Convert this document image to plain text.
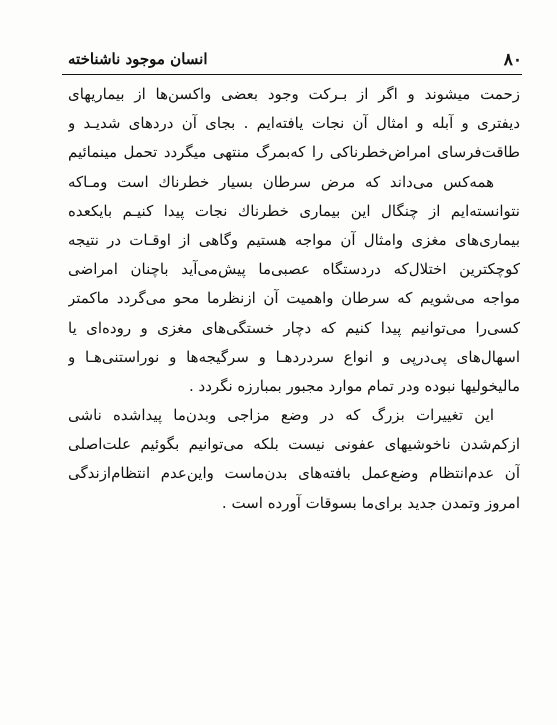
۸۰
انسان موجود ناشناخته
زحمت میشوند و اگر از بـرکت وجود بعضی واکسن‌ها از بیماریهای
دیفتری و آبله و امثال آن نجات یافته‌ایم . بجای آن دردهای شدیـد و
طاقت‌فرسای امراض‌خطرناکی را که‌بمرگ منتهی میگردد تحمل مینمائیم
همه‌کس می‌داند که مرض سرطان بسیار خطرناك است ومـا‌که
نتوانسته‌ایم از چنگال این بیماری خطرناك نجات پیدا کنیـم بایکعده
بیماری‌های مغزی وامثال آن مواجه هستیم وگاهی از اوقـات در نتیجه
کوچکترین اختلال‌که دردستگاه عصبی‌ما پیش‌می‌آید باچنان امراضی
مواجه می‌شویم که سرطان واهمیت آن ازنظرما محو می‌گردد ماکمتر
کسی‌را می‌توانیم پیدا کنیم که دچار خستگی‌های مغزی و روده‌ای یا
اسهال‌های پی‌درپی و انواع سردردهـا و سرگیجه‌ها و نوراستنی‌هـا و
مالیخولیها نبوده ودر تمام موارد مجبور بمبارزه نگردد .
این تغییرات بزرگ که در وضع مزاجی وبدن‌ما پیداشده ناشی
ازکم‌شدن ناخوشیهای عفونی نیست بلکه می‌توانیم بگوئیم علت‌اصلی
آن عدم‌انتظام وضع‌عمل بافته‌های بدن‌ماست واین‌عدم انتظام‌ازندگی
امروز وتمدن جدید برای‌ما بسوقات آورده است .
